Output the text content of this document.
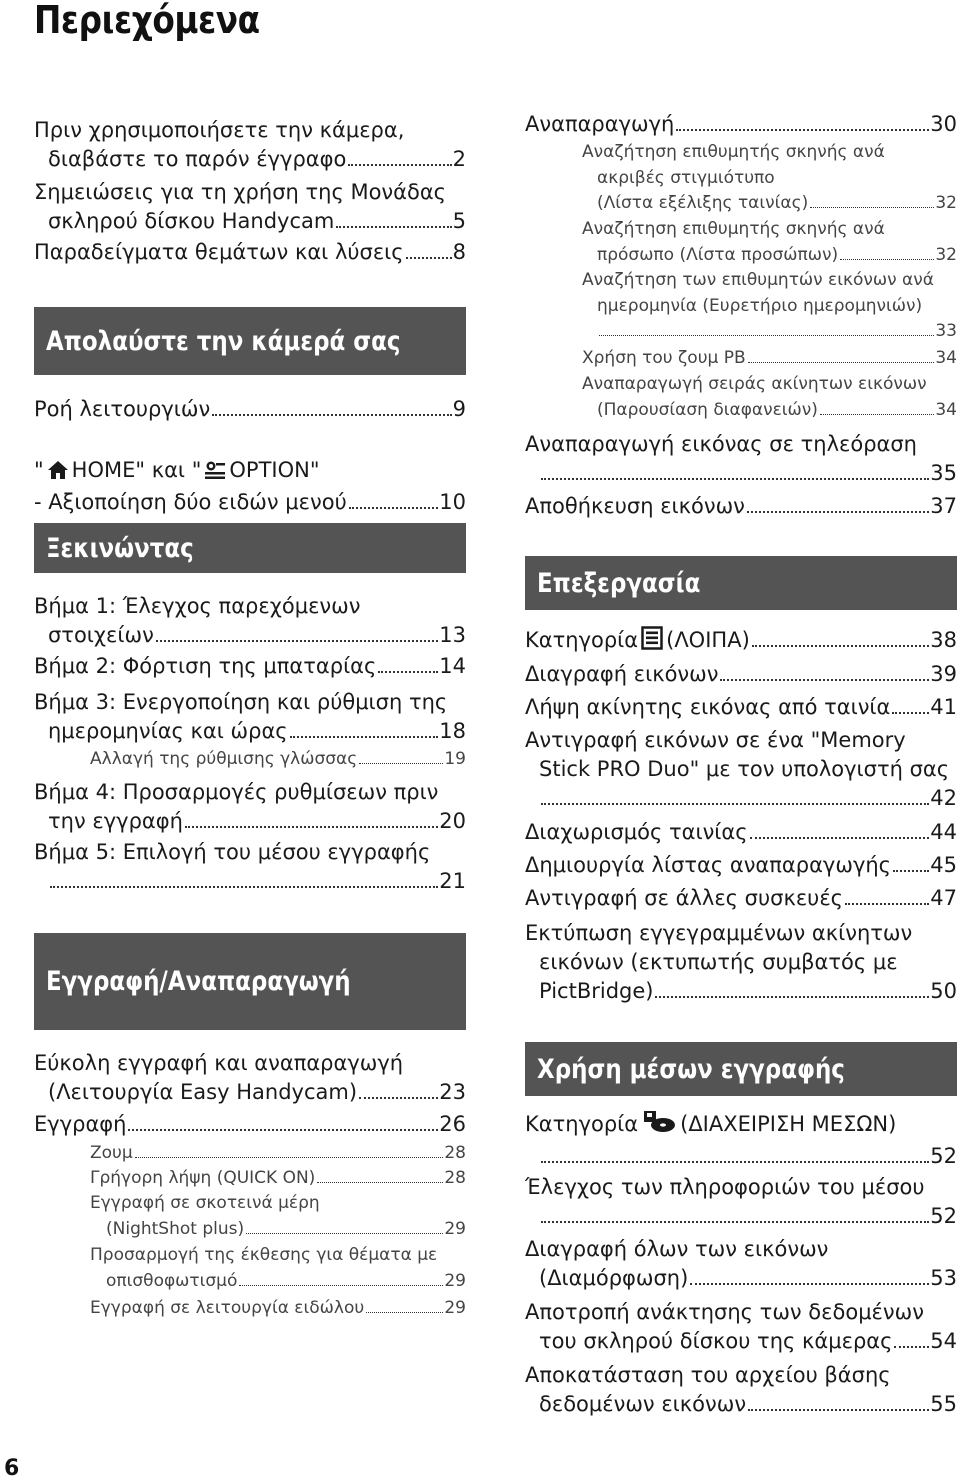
Περιεχόμενα
Πριν χρησιμοποιήσετε την κάμερα,
διαβάστε το παρόν έγγραφο	2
Σημειώσεις για τη χρήση της Μονάδας
σκληρού δίσκου Handycam	5
Παραδείγματα θεμάτων και λύσεις 8
Απολαύστε την κάμερά σας
Ροή λειτουργιών	9
" HOME" και " OPTION"
- Αξιοποίηση δύο ειδών μενού	10
Ξεκινώντας
Βήμα 1: Έλεγχος παρεχόμενων
στοιχείων	13
Βήμα 2: Φόρτιση της μπαταρίας	14
Βήμα 3: Ενεργοποίηση και ρύθμιση της
ημερομηνίας και ώρας	18
Αλλαγή της ρύθμισης γλώσσας	19
Βήμα 4: Προσαρμογές ρυθμίσεων πριν
την εγγραφή	20
Βήμα 5: Επιλογή του μέσου εγγραφής
21
Εγγραφή/Αναπαραγωγή
Εύκολη εγγραφή και αναπαραγωγή
(Λειτουργία Easy Handycam)	23
Εγγραφή	26
Ζουμ	28
Γρήγορη λήψη (QUICK ON)	28
Εγγραφή σε σκοτεινά μέρη
(NightShot plus)	29
Προσαρμογή της έκθεσης για θέματα με
οπισθοφωτισμό	29
Εγγραφή σε λειτουργία ειδώλου	29
Αναπαραγωγή	30
Αναζήτηση επιθυμητής σκηνής ανά
ακριβές στιγμιότυπο
(Λίστα εξέλιξης ταινίας)	32
Αναζήτηση επιθυμητής σκηνής ανά
πρόσωπο (Λίστα προσώπων)	32
Αναζήτηση των επιθυμητών εικόνων ανά
ημερομηνία (Ευρετήριο ημερομηνιών)
33
Χρήση του ζουμ PB	34
Αναπαραγωγή σειράς ακίνητων εικόνων
(Παρουσίαση διαφανειών)	34
Αναπαραγωγή εικόνας σε τηλεόραση
35
Αποθήκευση εικόνων	37
Επεξεργασία
Κατηγορία (ΛΟΙΠΑ)	38
Διαγραφή εικόνων	39
Λήψη ακίνητης εικόνας από ταινία 41
Αντιγραφή εικόνων σε ένα "Memory
Stick PRO Duo" με τον υπολογιστή σας
42
Διαχωρισμός ταινίας	44
Δημιουργία λίστας αναπαραγωγής 45
Αντιγραφή σε άλλες συσκευές	47
Εκτύπωση εγγεγραμμένων ακίνητων
εικόνων (εκτυπωτής συμβατός με
PictBridge)	50
Χρήση μέσων εγγραφής
Κατηγορία (ΔΙΑΧΕΙΡΙΣΗ ΜΕΣΩΝ)
52
Έλεγχος των πληροφοριών του μέσου
52
Διαγραφή όλων των εικόνων
(Διαμόρφωση)	53
Αποτροπή ανάκτησης των δεδομένων
του σκληρού δίσκου της κάμερας 54
Αποκατάσταση του αρχείου βάσης
δεδομένων εικόνων	55
6
